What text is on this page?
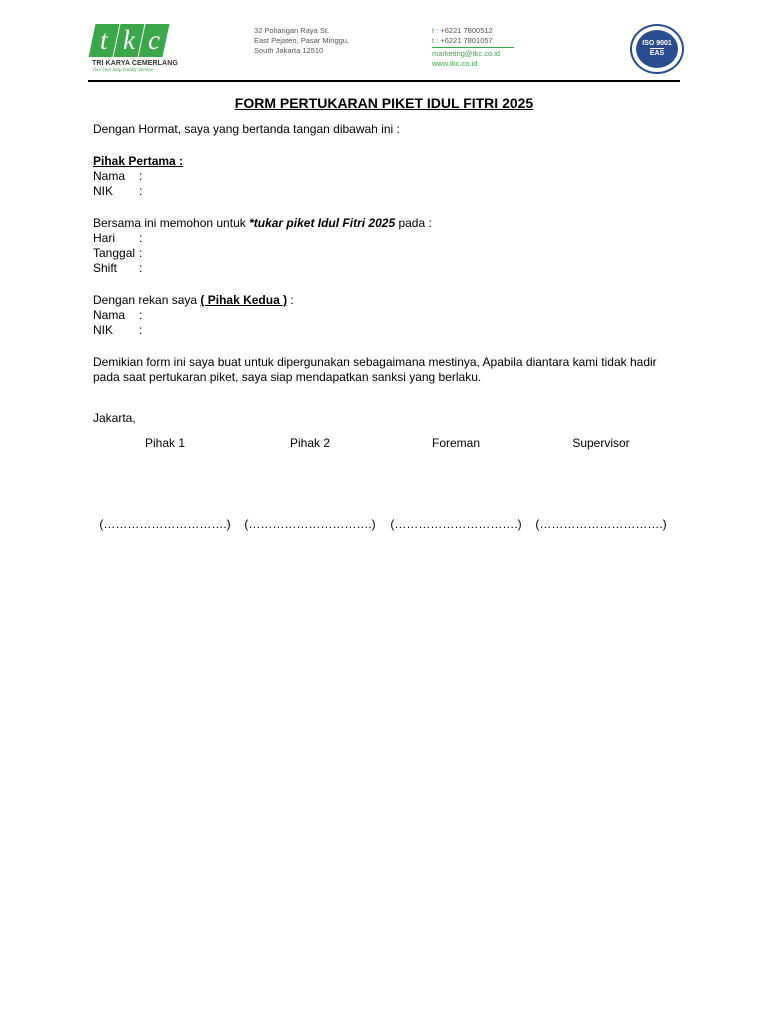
t k c
TRI KARYA CEMERLANG
Your One Stop Facility Service
32 Poltangan Raya St.
East Pejaten, Pasar Minggu,
South Jakarta 12510
t : +6221 7800512
t : +6221 7801057
marketing@tkc.co.id
www.tkc.co.id
ISO 9001
EAS
FORM PERTUKARAN PIKET IDUL FITRI 2025
Dengan Hormat, saya yang bertanda tangan dibawah ini :
Pihak Pertama :
Nama :
NIK :
Bersama ini memohon untuk *tukar piket Idul Fitri 2025 pada :
Hari :
Tanggal :
Shift :
Dengan rekan saya ( Pihak Kedua ) :
Nama :
NIK :
Demikian form ini saya buat untuk dipergunakan sebagaimana mestinya, Apabila diantara kami tidak hadir pada saat pertukaran piket, saya siap mendapatkan sanksi yang berlaku.
Jakarta,
Pihak 1	Pihak 2	Foreman	Supervisor
(………………………….) (………………………….) (………………………….) (………………………….)
